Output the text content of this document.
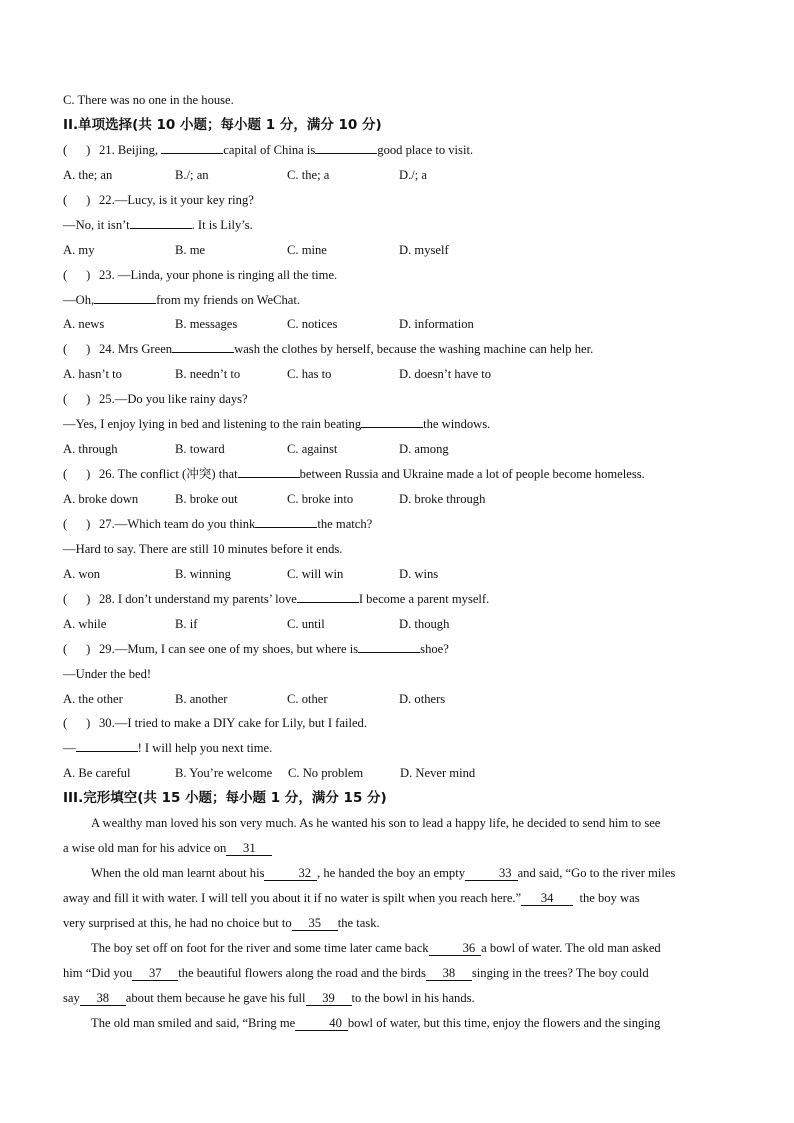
C. There was no one in the house.
II.单项选择(共 10 小题；每小题 1 分，满分 10 分)
(      ) 21. Beijing,	capital of China is	good place to visit.
A. the; an	B./; an	C. the; a	D./; a
(      ) 22.—Lucy, is it your key ring?
—No, it isn’t	. It is Lily’s.
A. my	B. me	C. mine	D. myself
(      ) 23. —Linda, your phone is ringing all the time.
—Oh,	from my friends on WeChat.
A. news	B. messages	C. notices	D. information
(      ) 24. Mrs Green	wash the clothes by herself, because the washing machine can help her.
A. hasn’t to	B. needn’t to	C. has to	D. doesn’t have to
(      ) 25.—Do you like rainy days?
—Yes, I enjoy lying in bed and listening to the rain beating	the windows.
A. through	B. toward	C. against	D. among
(      ) 26. The conflict (冲突) that	between Russia and Ukraine made a lot of people become homeless.
A. broke down	B. broke out	C. broke into	D. broke through
(      ) 27.—Which team do you think	the match?
—Hard to say. There are still 10 minutes before it ends.
A. won	B. winning	C. will win	D. wins
(      ) 28. I don’t understand my parents’ love	I become a parent myself.
A. while	B. if	C. until	D. though
(      ) 29.—Mum, I can see one of my shoes, but where is	shoe?
—Under the bed!
A. the other	B. another	C. other	D. others
(      ) 30.—I tried to make a DIY cake for Lily, but I failed.
—	! I will help you next time.
A. Be careful	B. You’re welcome	C. No problem	D. Never mind
III.完形填空(共 15 小题；每小题 1 分，满分 15 分)
A wealthy man loved his son very much. As he wanted his son to lead a happy life, he decided to send him to see
a wise old man for his advice on 31
When the old man learnt about his	32 , he handed the boy an empty	33 and said, “Go to the river miles
away and fill it with water. I will tell you about it if no water is spilt when you reach here.” 34 the boy was
very surprised at this, he had no choice but to 35 the task.
The boy set off on foot for the river and some time later came back	36 a bowl of water. The old man asked
him “Did you 37 the beautiful flowers along the road and the birds 38 singing in the trees? The boy could
say 38 about them because he gave his full 39 to the bowl in his hands.
The old man smiled and said, “Bring me	40 bowl of water, but this time, enjoy the flowers and the singing
